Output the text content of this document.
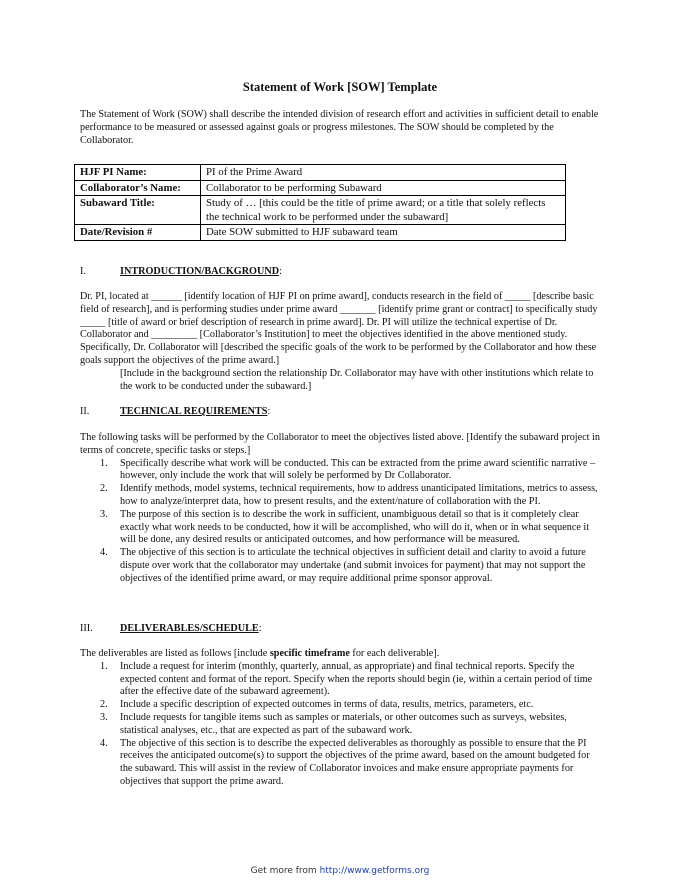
Statement of Work [SOW] Template

The Statement of Work (SOW) shall describe the intended division of research effort and activities in sufficient detail to enable performance to be measured or assessed against goals or progress milestones. The SOW should be completed by the Collaborator.

HJF PI Name:	PI of the Prime Award
Collaborator’s Name:	Collaborator to be performing Subaward
Subaward Title:	Study of … [this could be the title of prime award; or a title that solely reflects the technical work to be performed under the subaward]
Date/Revision #	Date SOW submitted to HJF subaward team
I.	INTRODUCTION/BACKGROUND:

Dr. PI, located at ______ [identify location of HJF PI on prime award], conducts research in the field of _____ [describe basic field of research], and is performing studies under prime award _______ [identify prime grant or contract] to specifically study _____ [title of award or brief description of research in prime award]. Dr. PI will utilize the technical expertise of Dr. Collaborator and _________ [Collaborator’s Institution] to meet the objectives identified in the above mentioned study. Specifically, Dr. Collaborator will [described the specific goals of the work to be performed by the Collaborator and how these goals support the objectives of the prime award.]

[Include in the background section the relationship Dr. Collaborator may have with other institutions which relate to the work to be conducted under the subaward.]

II.	TECHNICAL REQUIREMENTS:

The following tasks will be performed by the Collaborator to meet the objectives listed above. [Identify the subaward project in terms of concrete, specific tasks or steps.]

1. Specifically describe what work will be conducted. This can be extracted from the prime award scientific narrative – however, only include the work that will solely be performed by Dr Collaborator.
2. Identify methods, model systems, technical requirements, how to address unanticipated limitations, metrics to assess, how to analyze/interpret data, how to present results, and the extent/nature of collaboration with the PI.
3. The purpose of this section is to describe the work in sufficient, unambiguous detail so that is it completely clear exactly what work needs to be conducted, how it will be accomplished, who will do it, when or in what sequence it will be done, any desired results or anticipated outcomes, and how performance will be measured.
4. The objective of this section is to articulate the technical objectives in sufficient detail and clarity to avoid a future dispute over work that the collaborator may undertake (and submit invoices for payment) that may not support the objectives of the identified prime award, or may require additional prime sponsor approval.
III.	DELIVERABLES/SCHEDULE:

The deliverables are listed as follows [include specific timeframe for each deliverable].

1. Include a request for interim (monthly, quarterly, annual, as appropriate) and final technical reports. Specify the expected content and format of the report. Specify when the reports should begin (ie, within a certain period of time after the effective date of the subaward agreement).
2. Include a specific description of expected outcomes in terms of data, results, metrics, parameters, etc.
3. Include requests for tangible items such as samples or materials, or other outcomes such as surveys, websites, statistical analyses, etc., that are expected as part of the subaward work.
4. The objective of this section is to describe the expected deliverables as thoroughly as possible to ensure that the PI receives the anticipated outcome(s) to support the objectives of the prime award, based on the amount budgeted for the subaward. This will assist in the review of Collaborator invoices and make ensure appropriate payments for objectives that support the prime award.
Get more from http://www.getforms.org
